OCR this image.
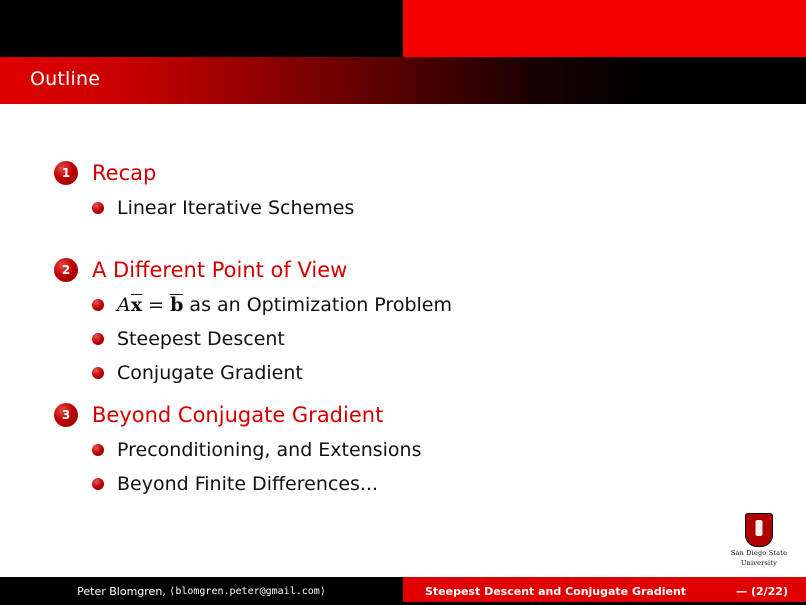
Outline
1	Recap
Linear Iterative Schemes
2	A Different Point of View
Ax = b as an Optimization Problem
Steepest Descent
Conjugate Gradient
3	Beyond Conjugate Gradient
Preconditioning, and Extensions
Beyond Finite Differences...
San Diego State
University
Peter Blomgren,
⟨blomgren.peter@gmail.com⟩	Steepest Descent and Conjugate Gradient	— (2/22)
